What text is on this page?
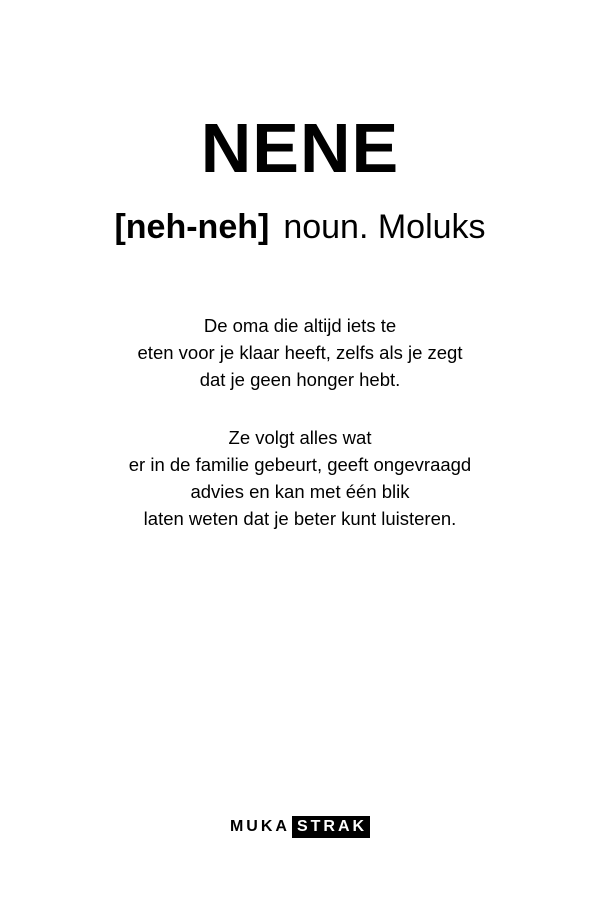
NENE
[neh-neh] noun. Moluks
De oma die altijd iets te
eten voor je klaar heeft, zelfs als je zegt
dat je geen honger hebt.
Ze volgt alles wat
er in de familie gebeurt, geeft ongevraagd
advies en kan met één blik
laten weten dat je beter kunt luisteren.
MUKA STRAK
